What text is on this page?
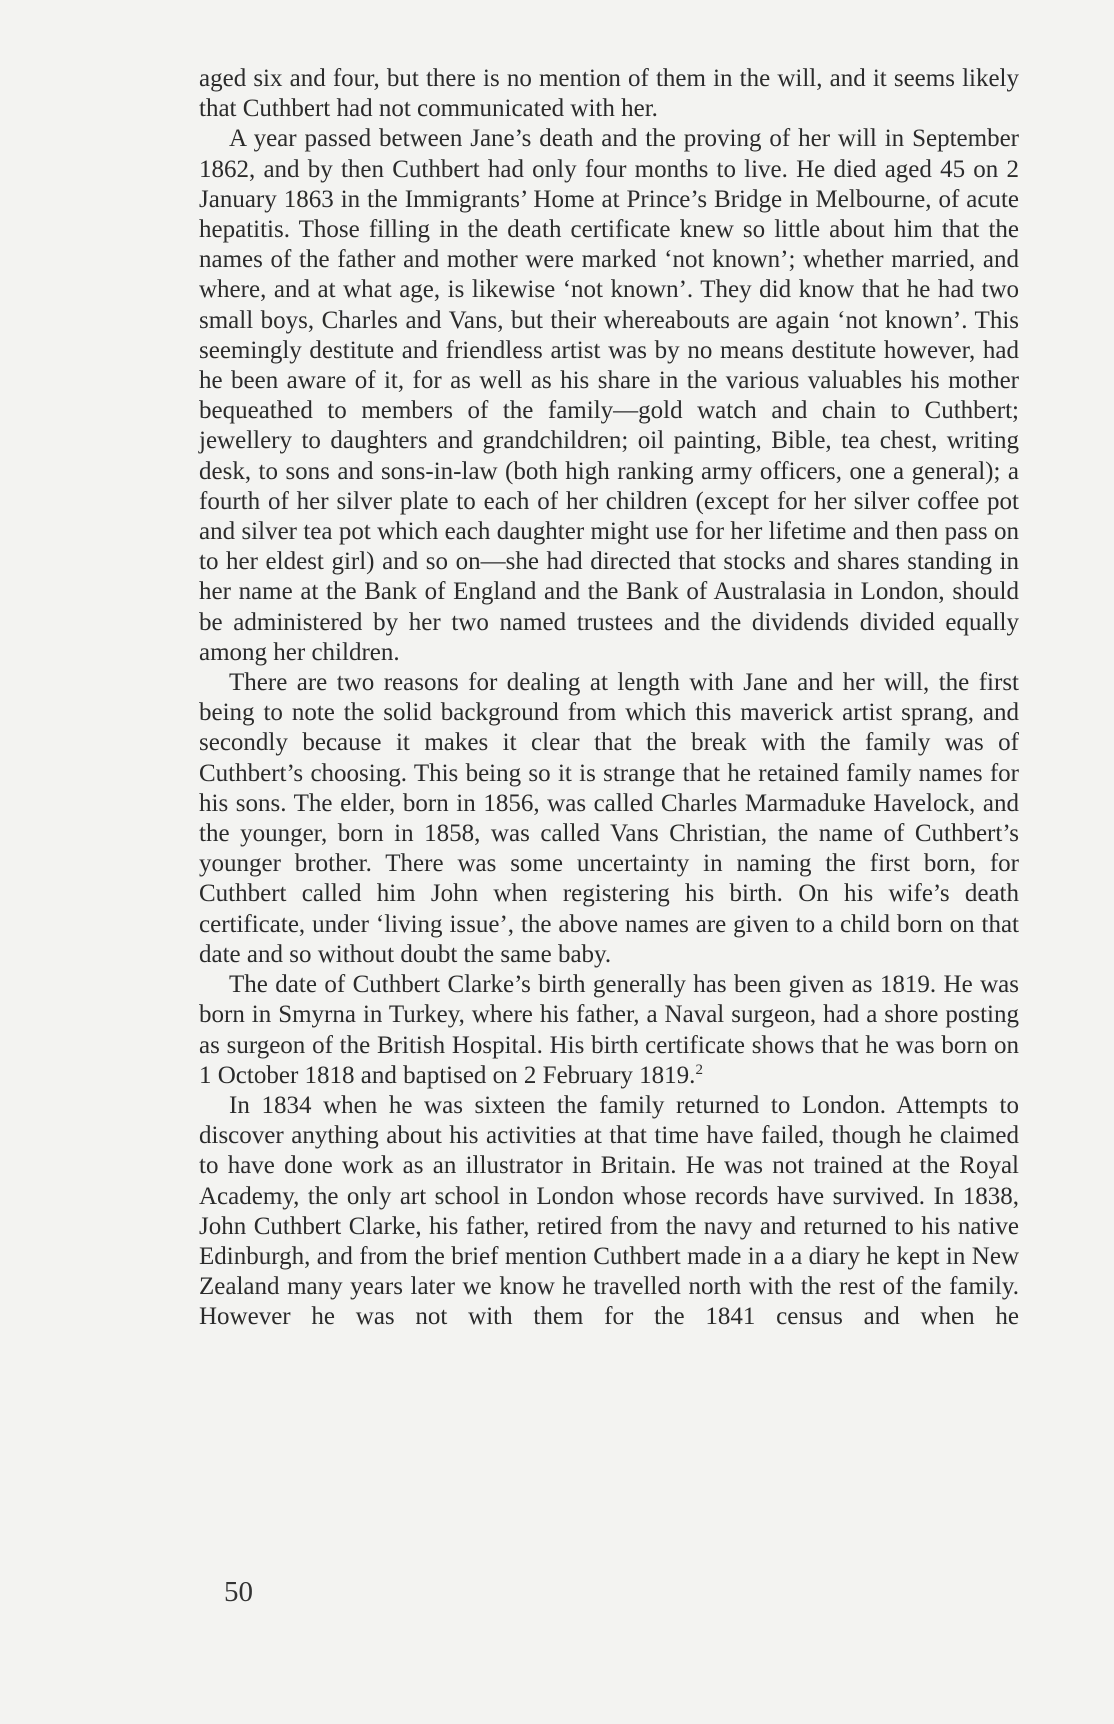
aged six and four, but there is no mention of them in the will, and it seems likely that Cuthbert had not communicated with her.

A year passed between Jane’s death and the proving of her will in September 1862, and by then Cuthbert had only four months to live. He died aged 45 on 2 January 1863 in the Immigrants’ Home at Prince’s Bridge in Melbourne, of acute hepatitis. Those filling in the death certificate knew so little about him that the names of the father and mother were marked ‘not known’; whether married, and where, and at what age, is likewise ‘not known’. They did know that he had two small boys, Charles and Vans, but their whereabouts are again ‘not known’. This seemingly destitute and friendless artist was by no means destitute however, had he been aware of it, for as well as his share in the various valuables his mother bequeathed to members of the family—gold watch and chain to Cuthbert; jewellery to daughters and grandchildren; oil painting, Bible, tea chest, writing desk, to sons and sons-in-law (both high ranking army officers, one a general); a fourth of her silver plate to each of her children (except for her silver coffee pot and silver tea pot which each daughter might use for her lifetime and then pass on to her eldest girl) and so on—she had directed that stocks and shares standing in her name at the Bank of England and the Bank of Australasia in London, should be administered by her two named trustees and the dividends divided equally among her children.

There are two reasons for dealing at length with Jane and her will, the first being to note the solid background from which this maverick artist sprang, and secondly because it makes it clear that the break with the family was of Cuthbert’s choosing. This being so it is strange that he retained family names for his sons. The elder, born in 1856, was called Charles Marmaduke Havelock, and the younger, born in 1858, was called Vans Christian, the name of Cuthbert’s younger brother. There was some uncertainty in naming the first born, for Cuthbert called him John when registering his birth. On his wife’s death certificate, under ‘living issue’, the above names are given to a child born on that date and so without doubt the same baby.

The date of Cuthbert Clarke’s birth generally has been given as 1819. He was born in Smyrna in Turkey, where his father, a Naval surgeon, had a shore posting as surgeon of the British Hospital. His birth certificate shows that he was born on 1 October 1818 and baptised on 2 February 1819.$^2$

In 1834 when he was sixteen the family returned to London. Attempts to discover anything about his activities at that time have failed, though he claimed to have done work as an illustrator in Britain. He was not trained at the Royal Academy, the only art school in London whose records have survived. In 1838, John Cuthbert Clarke, his father, retired from the navy and returned to his native Edinburgh, and from the brief mention Cuthbert made in a a diary he kept in New Zealand many years later we know he travelled north with the rest of the family. However he was not with them for the 1841 census and when he

50
